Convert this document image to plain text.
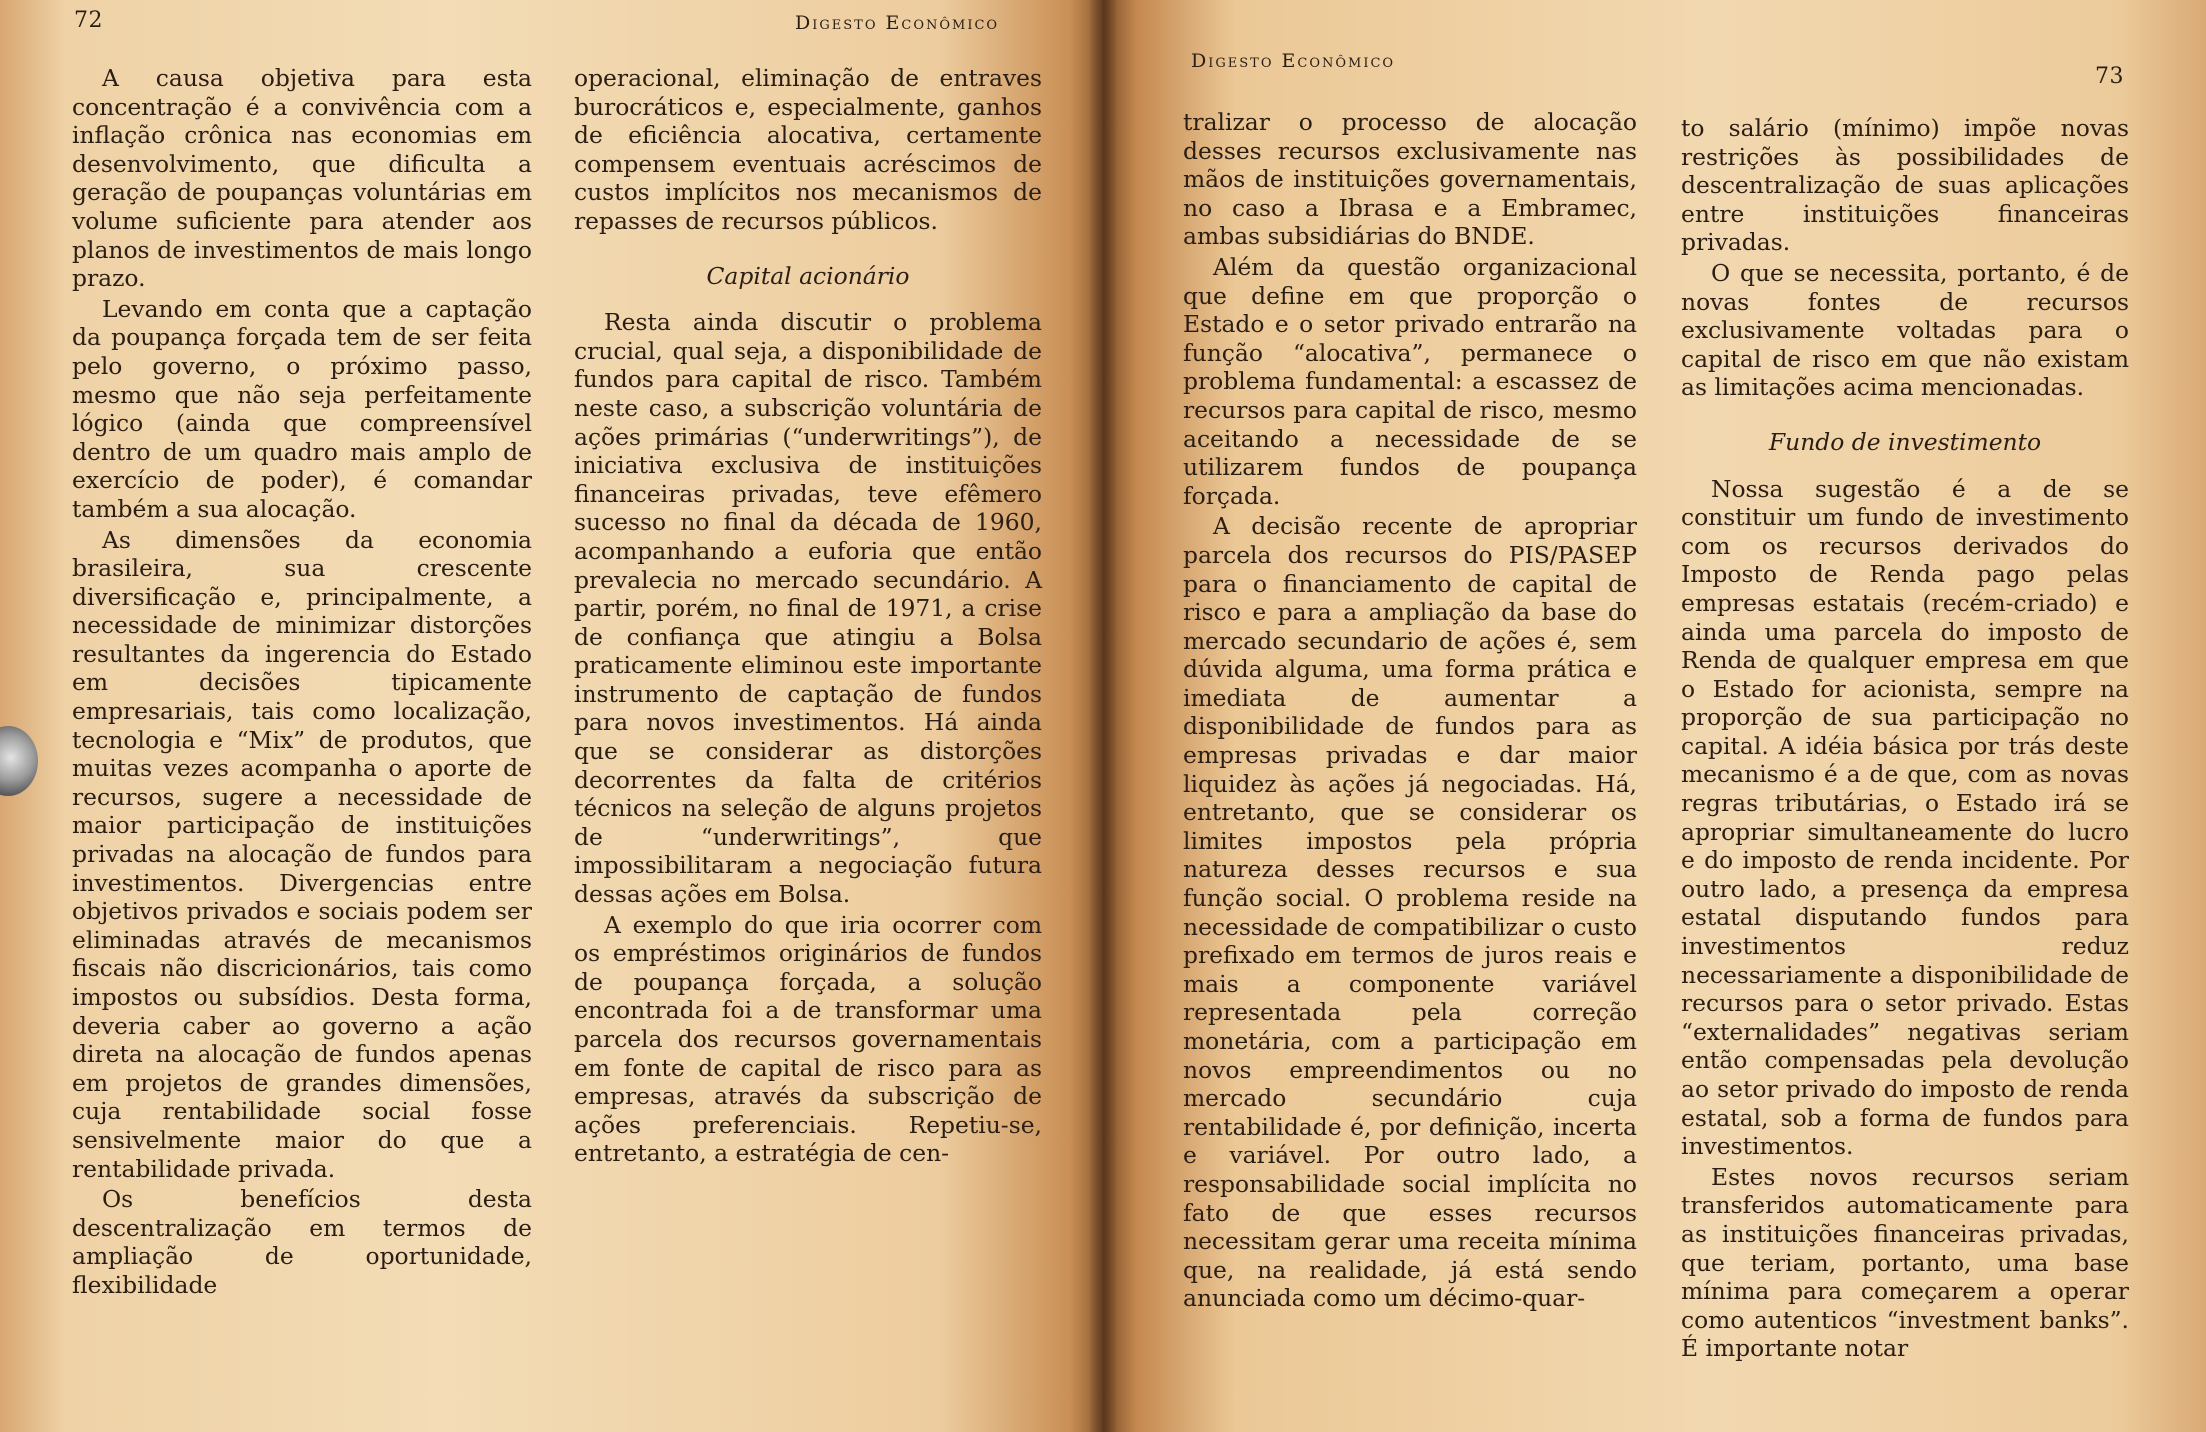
72	Digesto Econômico

A causa objetiva para esta concentração é a convivência com a inflação crônica nas economias em desenvolvimento, que dificulta a geração de poupanças voluntárias em volume suficiente para atender aos planos de investimentos de mais longo prazo.

Levando em conta que a captação da poupança forçada tem de ser feita pelo governo, o próximo passo, mesmo que não seja perfeitamente lógico (ainda que compreensível dentro de um quadro mais amplo de exercício de poder), é comandar também a sua alocação.

As dimensões da economia brasileira, sua crescente diversificação e, principalmente, a necessidade de minimizar distorções resultantes da ingerencia do Estado em decisões tipicamente empresariais, tais como localização, tecnologia e “Mix” de produtos, que muitas vezes acompanha o aporte de recursos, sugere a necessidade de maior participação de instituições privadas na alocação de fundos para investimentos. Divergencias entre objetivos privados e sociais podem ser eliminadas através de mecanismos fiscais não discricionários, tais como impostos ou subsídios. Desta forma, deveria caber ao governo a ação direta na alocação de fundos apenas em projetos de grandes dimensões, cuja rentabilidade social fosse sensivelmente maior do que a rentabilidade privada.

Os benefícios desta descentralização em termos de ampliação de oportunidade, flexibilidade

operacional, eliminação de entraves burocráticos e, especialmente, ganhos de eficiência alocativa, certamente compensem eventuais acréscimos de custos implícitos nos mecanismos de repasses de recursos públicos.

Capital acionário

Resta ainda discutir o problema crucial, qual seja, a disponibilidade de fundos para capital de risco. Também neste caso, a subscrição voluntária de ações primárias (“underwritings”), de iniciativa exclusiva de instituições financeiras privadas, teve efêmero sucesso no final da década de 1960, acompanhando a euforia que então prevalecia no mercado secundário. A partir, porém, no final de 1971, a crise de confiança que atingiu a Bolsa praticamente eliminou este importante instrumento de captação de fundos para novos investimentos. Há ainda que se considerar as distorções decorrentes da falta de critérios técnicos na seleção de alguns projetos de “underwritings”, que impossibilitaram a negociação futura dessas ações em Bolsa.

A exemplo do que iria ocorrer com os empréstimos originários de fundos de poupança forçada, a solução encontrada foi a de transformar uma parcela dos recursos governamentais em fonte de capital de risco para as empresas, através da subscrição de ações preferenciais. Repetiu-se, entretanto, a estratégia de cen-

Digesto Econômico
73

tralizar o processo de alocação desses recursos exclusivamente nas mãos de instituições governamentais, no caso a Ibrasa e a Embramec, ambas subsidiárias do BNDE.

Além da questão organizacional que define em que proporção o Estado e o setor privado entrarão na função “alocativa”, permanece o problema fundamental: a escassez de recursos para capital de risco, mesmo aceitando a necessidade de se utilizarem fundos de poupança forçada.

A decisão recente de apropriar parcela dos recursos do PIS/PASEP para o financiamento de capital de risco e para a ampliação da base do mercado secundario de ações é, sem dúvida alguma, uma forma prática e imediata de aumentar a disponibilidade de fundos para as empresas privadas e dar maior liquidez às ações já negociadas. Há, entretanto, que se considerar os limites impostos pela própria natureza desses recursos e sua função social. O problema reside na necessidade de compatibilizar o custo prefixado em termos de juros reais e mais a componente variável representada pela correção monetária, com a participação em novos empreendimentos ou no mercado secundário cuja rentabilidade é, por definição, incerta e variável. Por outro lado, a responsabilidade social implícita no fato de que esses recursos necessitam gerar uma receita mínima que, na realidade, já está sendo anunciada como um décimo-quar-

to salário (mínimo) impõe novas restrições às possibilidades de descentralização de suas aplicações entre instituições financeiras privadas.

O que se necessita, portanto, é de novas fontes de recursos exclusivamente voltadas para o capital de risco em que não existam as limitações acima mencionadas.

Fundo de investimento

Nossa sugestão é a de se constituir um fundo de investimento com os recursos derivados do Imposto de Renda pago pelas empresas estatais (recém-criado) e ainda uma parcela do imposto de Renda de qualquer empresa em que o Estado for acionista, sempre na proporção de sua participação no capital. A idéia básica por trás deste mecanismo é a de que, com as novas regras tributárias, o Estado irá se apropriar simultaneamente do lucro e do imposto de renda incidente. Por outro lado, a presença da empresa estatal disputando fundos para investimentos reduz necessariamente a disponibilidade de recursos para o setor privado. Estas “externalidades” negativas seriam então compensadas pela devolução ao setor privado do imposto de renda estatal, sob a forma de fundos para investimentos.

Estes novos recursos seriam transferidos automaticamente para as instituições financeiras privadas, que teriam, portanto, uma base mínima para começarem a operar como autenticos “investment banks”. É importante notar
